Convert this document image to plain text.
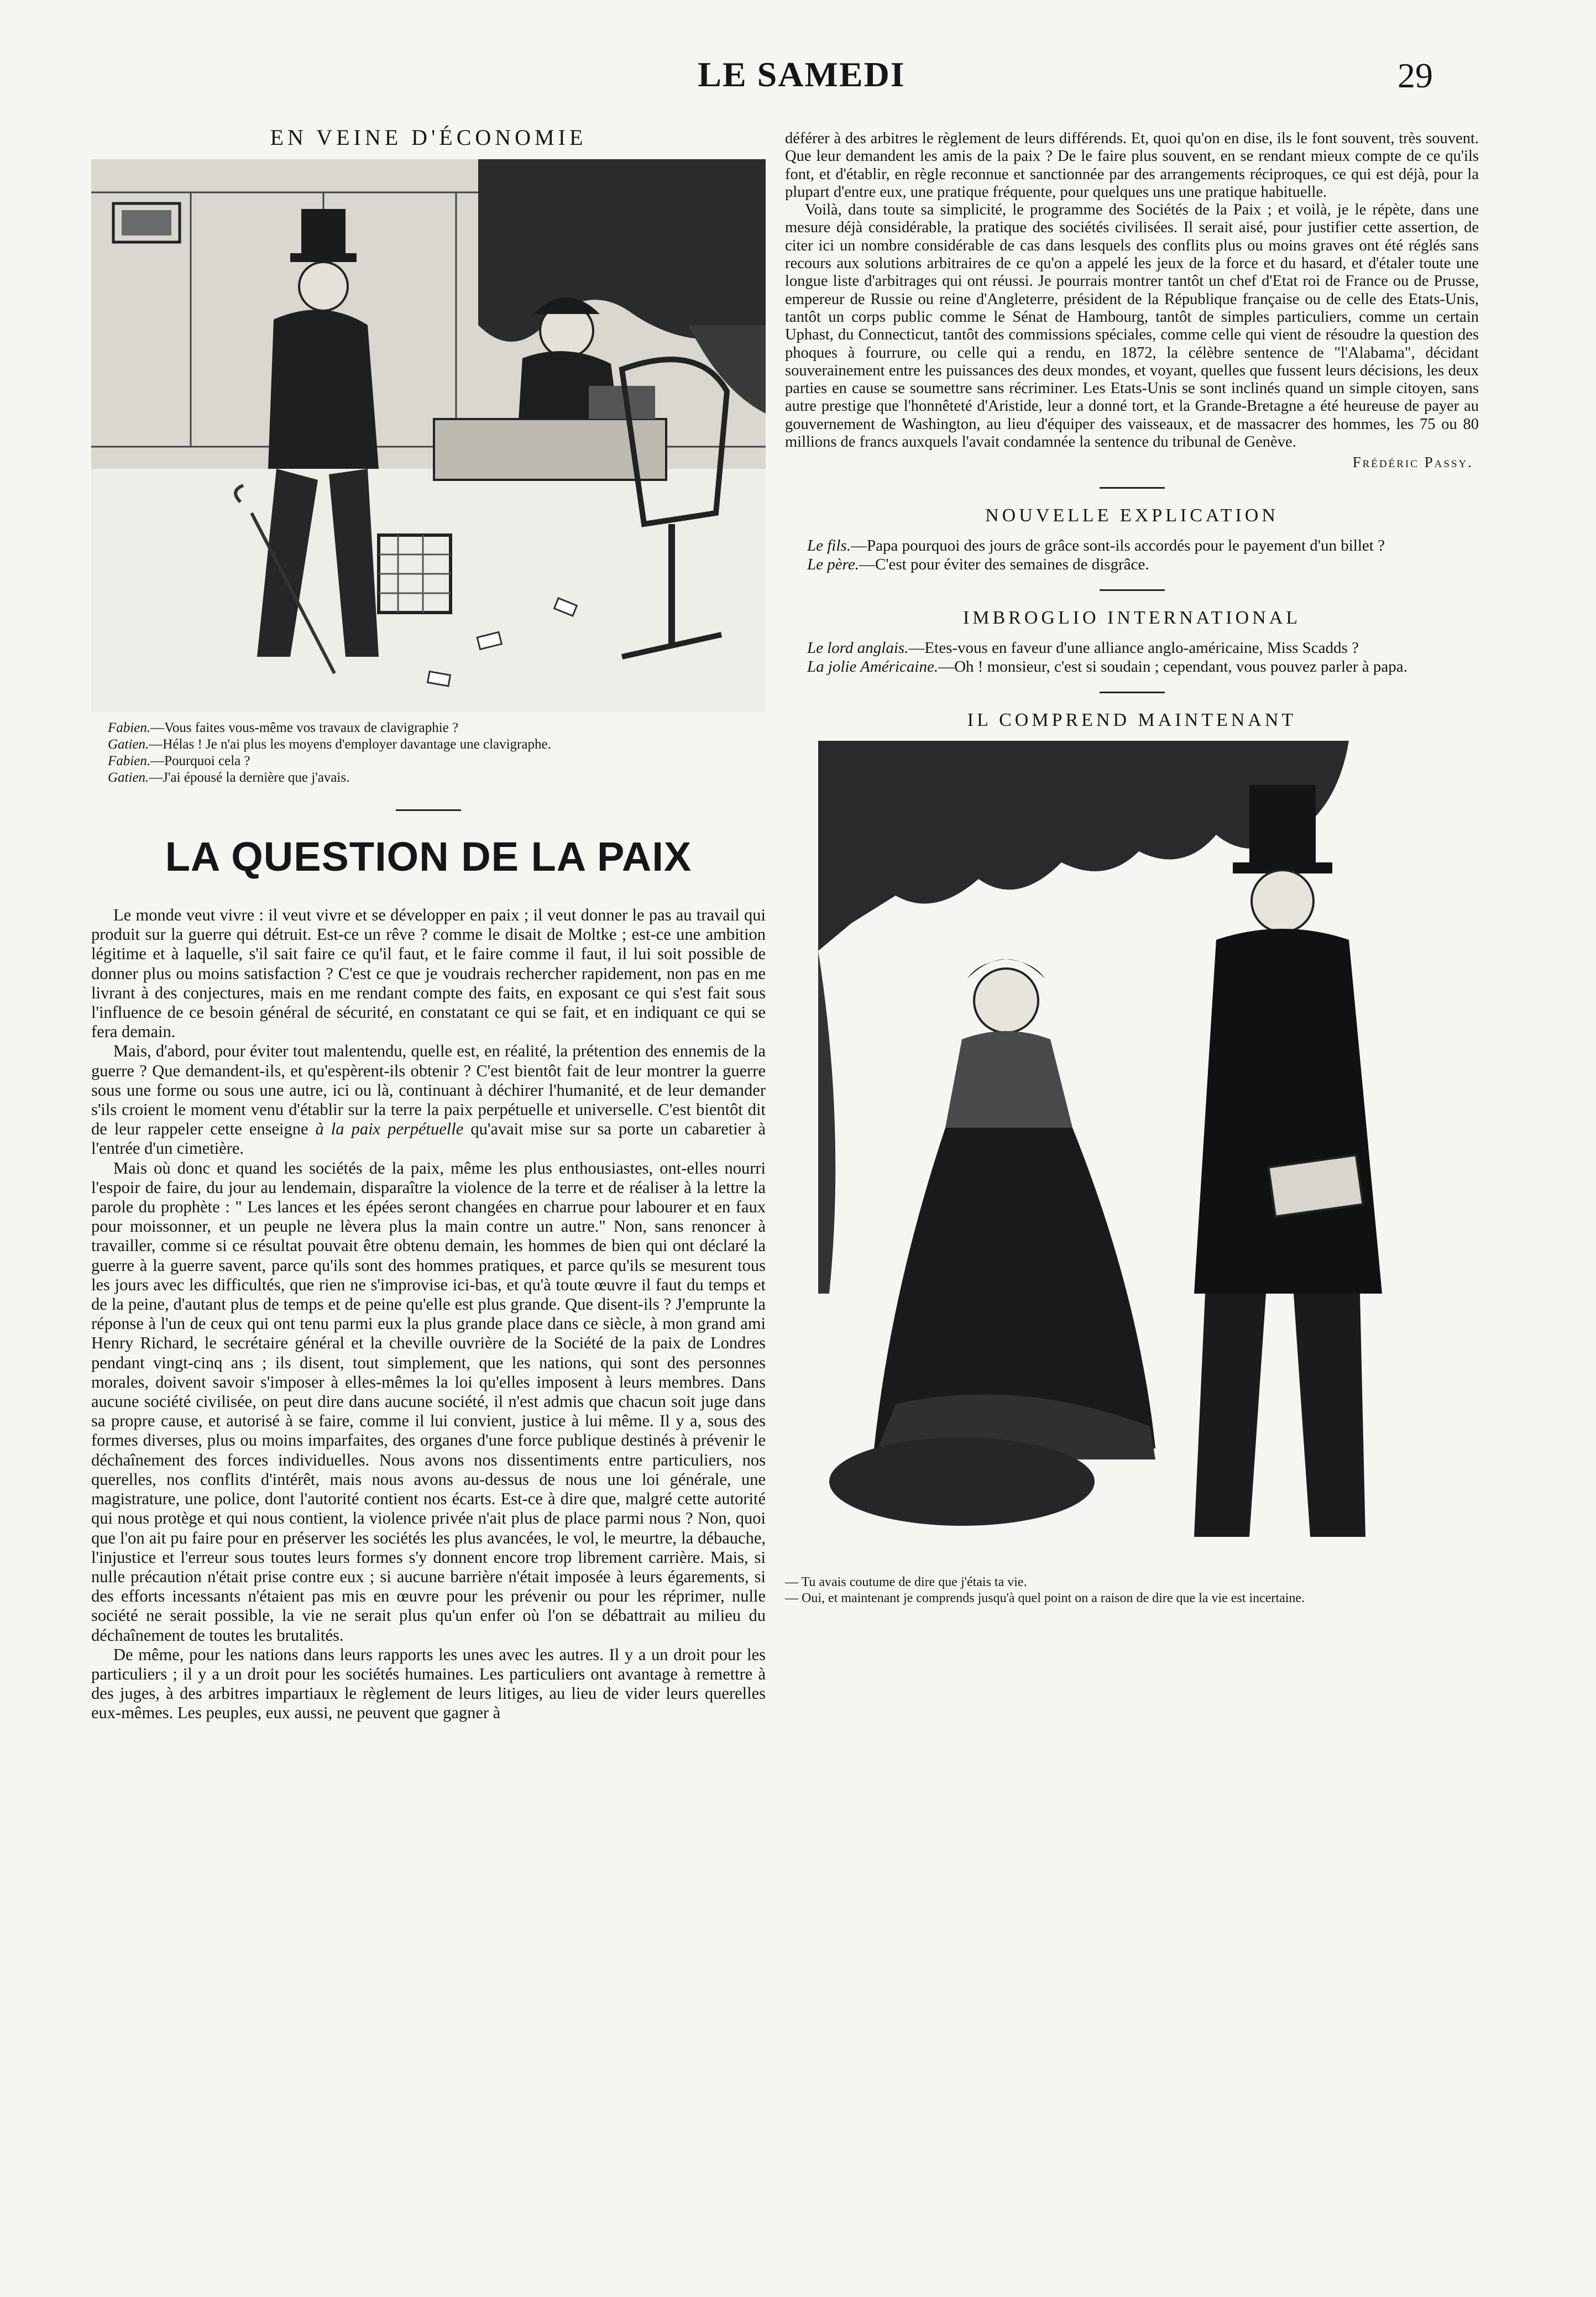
LE SAMEDI	29
EN VEINE D'ÉCONOMIE

Fabien.—Vous faites vous-même vos travaux de clavigraphie ?

Gatien.—Hélas ! Je n'ai plus les moyens d'employer davantage une clavigraphe.

Fabien.—Pourquoi cela ?

Gatien.—J'ai épousé la dernière que j'avais.

LA QUESTION DE LA PAIX

Le monde veut vivre : il veut vivre et se développer en paix ; il veut donner le pas au travail qui produit sur la guerre qui détruit. Est-ce un rêve ? comme le disait de Moltke ; est-ce une ambition légitime et à laquelle, s'il sait faire ce qu'il faut, et le faire comme il faut, il lui soit possible de donner plus ou moins satisfaction ? C'est ce que je voudrais rechercher rapidement, non pas en me livrant à des conjectures, mais en me rendant compte des faits, en exposant ce qui s'est fait sous l'influence de ce besoin général de sécurité, en constatant ce qui se fait, et en indiquant ce qui se fera demain.

Mais, d'abord, pour éviter tout malentendu, quelle est, en réalité, la prétention des ennemis de la guerre ? Que demandent-ils, et qu'espèrent-ils obtenir ? C'est bientôt fait de leur montrer la guerre sous une forme ou sous une autre, ici ou là, continuant à déchirer l'humanité, et de leur demander s'ils croient le moment venu d'établir sur la terre la paix perpétuelle et universelle. C'est bientôt dit de leur rappeler cette enseigne à la paix perpétuelle qu'avait mise sur sa porte un cabaretier à l'entrée d'un cimetière.

Mais où donc et quand les sociétés de la paix, même les plus enthousiastes, ont-elles nourri l'espoir de faire, du jour au lendemain, disparaître la violence de la terre et de réaliser à la lettre la parole du prophète : " Les lances et les épées seront changées en charrue pour labourer et en faux pour moissonner, et un peuple ne lèvera plus la main contre un autre." Non, sans renoncer à travailler, comme si ce résultat pouvait être obtenu demain, les hommes de bien qui ont déclaré la guerre à la guerre savent, parce qu'ils sont des hommes pratiques, et parce qu'ils se mesurent tous les jours avec les difficultés, que rien ne s'improvise ici-bas, et qu'à toute œuvre il faut du temps et de la peine, d'autant plus de temps et de peine qu'elle est plus grande. Que disent-ils ? J'emprunte la réponse à l'un de ceux qui ont tenu parmi eux la plus grande place dans ce siècle, à mon grand ami Henry Richard, le secrétaire général et la cheville ouvrière de la Société de la paix de Londres pendant vingt-cinq ans ; ils disent, tout simplement, que les nations, qui sont des personnes morales, doivent savoir s'imposer à elles-mêmes la loi qu'elles imposent à leurs membres. Dans aucune société civilisée, on peut dire dans aucune société, il n'est admis que chacun soit juge dans sa propre cause, et autorisé à se faire, comme il lui convient, justice à lui même. Il y a, sous des formes diverses, plus ou moins imparfaites, des organes d'une force publique destinés à prévenir le déchaînement des forces individuelles. Nous avons nos dissentiments entre particuliers, nos querelles, nos conflits d'intérêt, mais nous avons au-dessus de nous une loi générale, une magistrature, une police, dont l'autorité contient nos écarts. Est-ce à dire que, malgré cette autorité qui nous protège et qui nous contient, la violence privée n'ait plus de place parmi nous ? Non, quoi que l'on ait pu faire pour en préserver les sociétés les plus avancées, le vol, le meurtre, la débauche, l'injustice et l'erreur sous toutes leurs formes s'y donnent encore trop librement carrière. Mais, si nulle précaution n'était prise contre eux ; si aucune barrière n'était imposée à leurs égarements, si des efforts incessants n'étaient pas mis en œuvre pour les prévenir ou pour les réprimer, nulle société ne serait possible, la vie ne serait plus qu'un enfer où l'on se débattrait au milieu du déchaînement de toutes les brutalités.

De même, pour les nations dans leurs rapports les unes avec les autres. Il y a un droit pour les particuliers ; il y a un droit pour les sociétés humaines. Les particuliers ont avantage à remettre à des juges, à des arbitres impartiaux le règlement de leurs litiges, au lieu de vider leurs querelles eux-mêmes. Les peuples, eux aussi, ne peuvent que gagner à

déférer à des arbitres le règlement de leurs différends. Et, quoi qu'on en dise, ils le font souvent, très souvent. Que leur demandent les amis de la paix ? De le faire plus souvent, en se rendant mieux compte de ce qu'ils font, et d'établir, en règle reconnue et sanctionnée par des arrangements réciproques, ce qui est déjà, pour la plupart d'entre eux, une pratique fréquente, pour quelques uns une pratique habituelle.

Voilà, dans toute sa simplicité, le programme des Sociétés de la Paix ; et voilà, je le répète, dans une mesure déjà considérable, la pratique des sociétés civilisées. Il serait aisé, pour justifier cette assertion, de citer ici un nombre considérable de cas dans lesquels des conflits plus ou moins graves ont été réglés sans recours aux solutions arbitraires de ce qu'on a appelé les jeux de la force et du hasard, et d'étaler toute une longue liste d'arbitrages qui ont réussi. Je pourrais montrer tantôt un chef d'Etat roi de France ou de Prusse, empereur de Russie ou reine d'Angleterre, président de la République française ou de celle des Etats-Unis, tantôt un corps public comme le Sénat de Hambourg, tantôt de simples particuliers, comme un certain Uphast, du Connecticut, tantôt des commissions spéciales, comme celle qui vient de résoudre la question des phoques à fourrure, ou celle qui a rendu, en 1872, la célèbre sentence de "l'Alabama", décidant souverainement entre les puissances des deux mondes, et voyant, quelles que fussent leurs décisions, les deux parties en cause se soumettre sans récriminer. Les Etats-Unis se sont inclinés quand un simple citoyen, sans autre prestige que l'honnêteté d'Aristide, leur a donné tort, et la Grande-Bretagne a été heureuse de payer au gouvernement de Washington, au lieu d'équiper des vaisseaux, et de massacrer des hommes, les 75 ou 80 millions de francs auxquels l'avait condamnée la sentence du tribunal de Genève.

Frédéric Passy.
NOUVELLE EXPLICATION

Le fils.—Papa pourquoi des jours de grâce sont-ils accordés pour le payement d'un billet ?

Le père.—C'est pour éviter des semaines de disgrâce.

IMBROGLIO INTERNATIONAL

Le lord anglais.—Etes-vous en faveur d'une alliance anglo-américaine, Miss Scadds ?

La jolie Américaine.—Oh ! monsieur, c'est si soudain ; cependant, vous pouvez parler à papa.

IL COMPREND MAINTENANT

— Tu avais coutume de dire que j'étais ta vie.

— Oui, et maintenant je comprends jusqu'à quel point on a raison de dire que la vie est incertaine.
